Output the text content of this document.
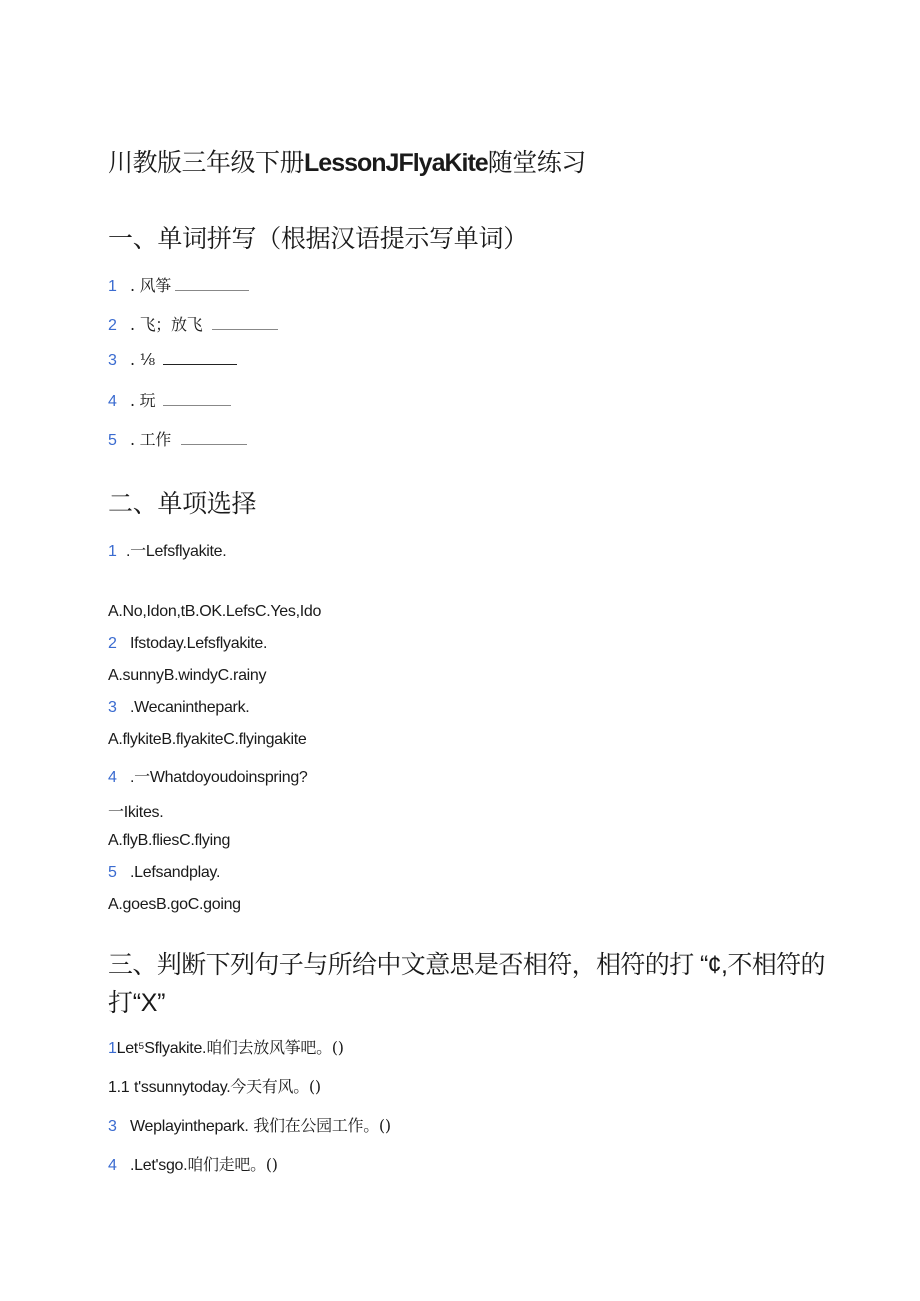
川教版三年级下册LessonJFlyaKite随堂练习
一、单词拼写（根据汉语提示写单词）
1 . 风筝
2 . 飞；放飞
3 . ⅛
4 . 玩
5 . 工作
二、单项选择
1 .一Lefsflyakite.
A.No,Idon,tB.OK.LefsC.Yes,Ido
2 Ifstoday.Lefsflyakite.
A.sunnyB.windyC.rainy
3 .Wecaninthepark.
A.flykiteB.flyakiteC.flyingakite
4 .一Whatdoyoudoinspring?
一Ikites.
A.flyB.fliesC.flying
5 .Lefsandplay.
A.goesB.goC.going
三、判断下列句子与所给中文意思是否相符，相符的打 “¢,不相符的
打“X”
1Let⁵Sflyakite.咱们去放风筝吧。()
1.1 t'ssunnytoday.今天有风。()
3 Weplayinthepark. 我们在公园工作。()
4 .Let'sgo.咱们走吧。()
